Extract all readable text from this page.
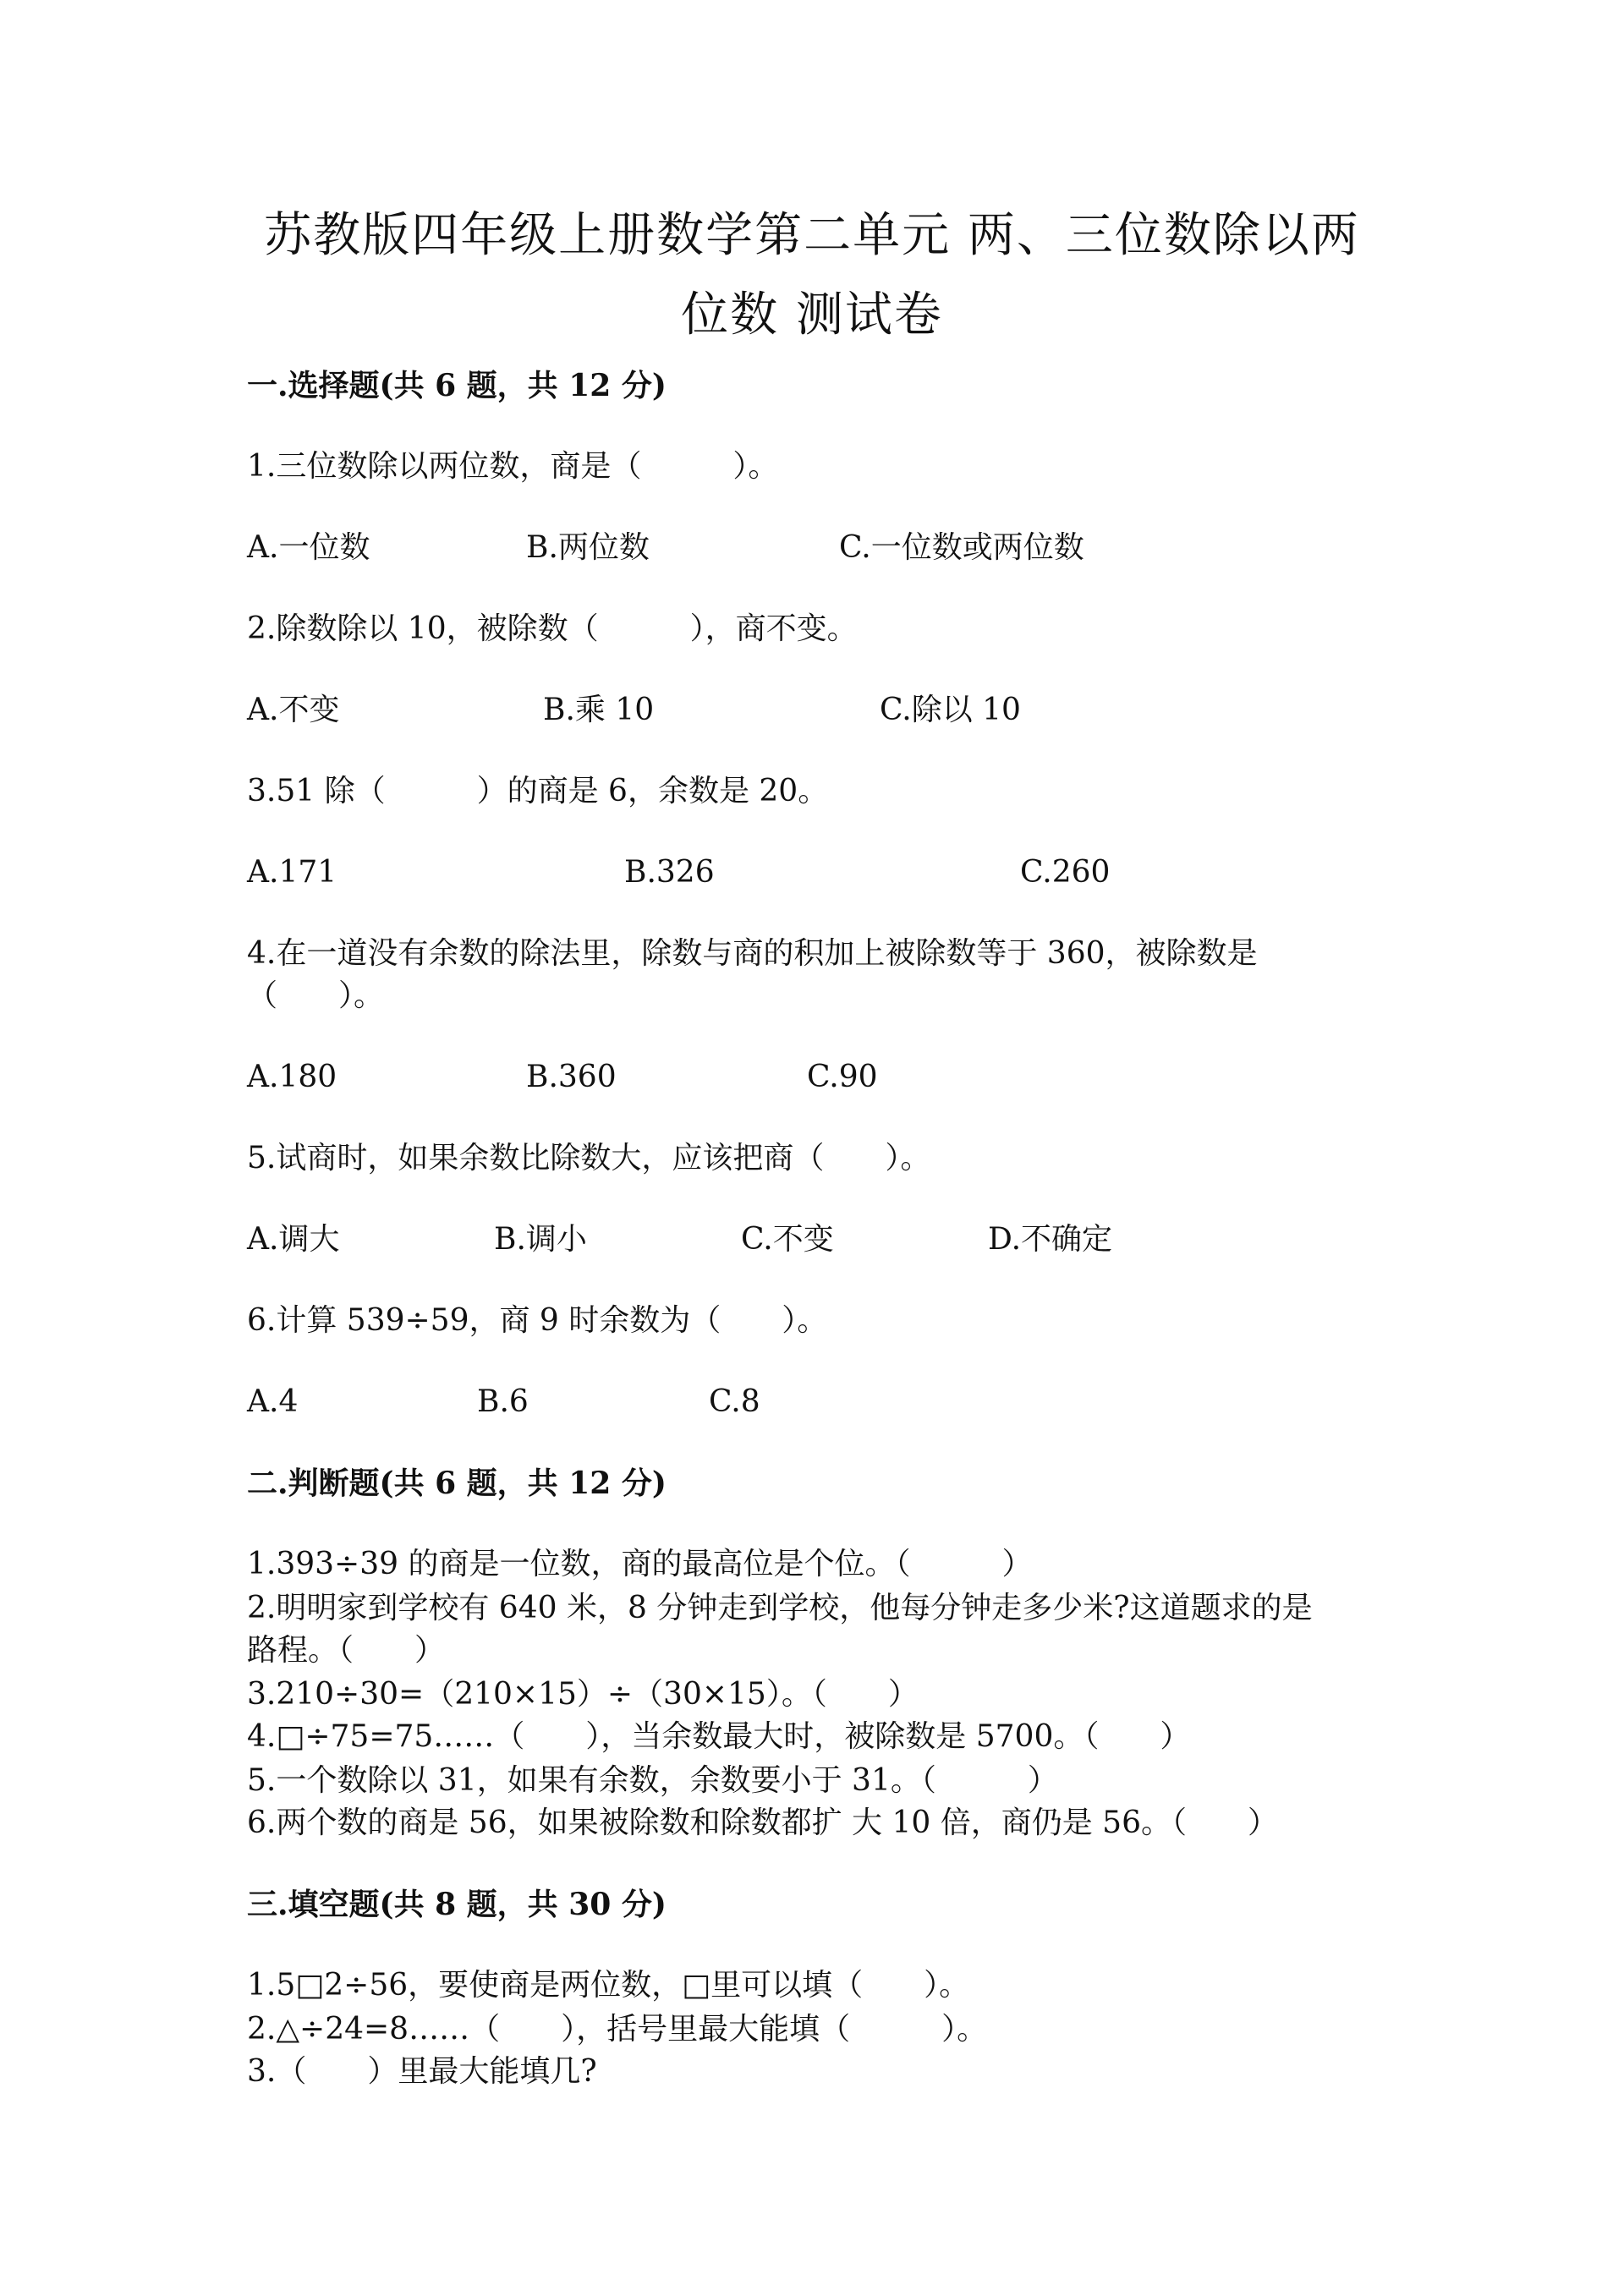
苏教版四年级上册数学第二单元 两、三位数除以两
位数 测试卷
一.选择题(共 6 题，共 12 分)
1.三位数除以两位数，商是（　　　）。
A.一位数	B.两位数	C.一位数或两位数
2.除数除以 10，被除数（　　　），商不变。
A.不变	B.乘 10	C.除以 10
3.51 除（　　　）的商是 6，余数是 20。
A.171	B.326	C.260
4.在一道没有余数的除法里，除数与商的积加上被除数等于 360，被除数是
（　　）。
A.180	B.360	C.90
5.试商时，如果余数比除数大，应该把商（　　）。
A.调大	B.调小	C.不变	D.不确定
6.计算 539÷59，商 9 时余数为（　　）。
A.4	B.6	C.8
二.判断题(共 6 题，共 12 分)
1.393÷39 的商是一位数，商的最高位是个位。（　　　）
2.明明家到学校有 640 米，8 分钟走到学校，他每分钟走多少米?这道题求的是
路程。（　　）
3.210÷30=（210×15）÷（30×15）。（　　）
4.□÷75=75……（　　），当余数最大时，被除数是 5700。（　　）
5.一个数除以 31，如果有余数，余数要小于 31。（　　　）
6.两个数的商是 56，如果被除数和除数都扩 大 10 倍，商仍是 56。（　　）
三.填空题(共 8 题，共 30 分)
1.5□2÷56，要使商是两位数，□里可以填（　　）。
2.△÷24=8……（　　），括号里最大能填（　　　）。
3.（　　）里最大能填几?
